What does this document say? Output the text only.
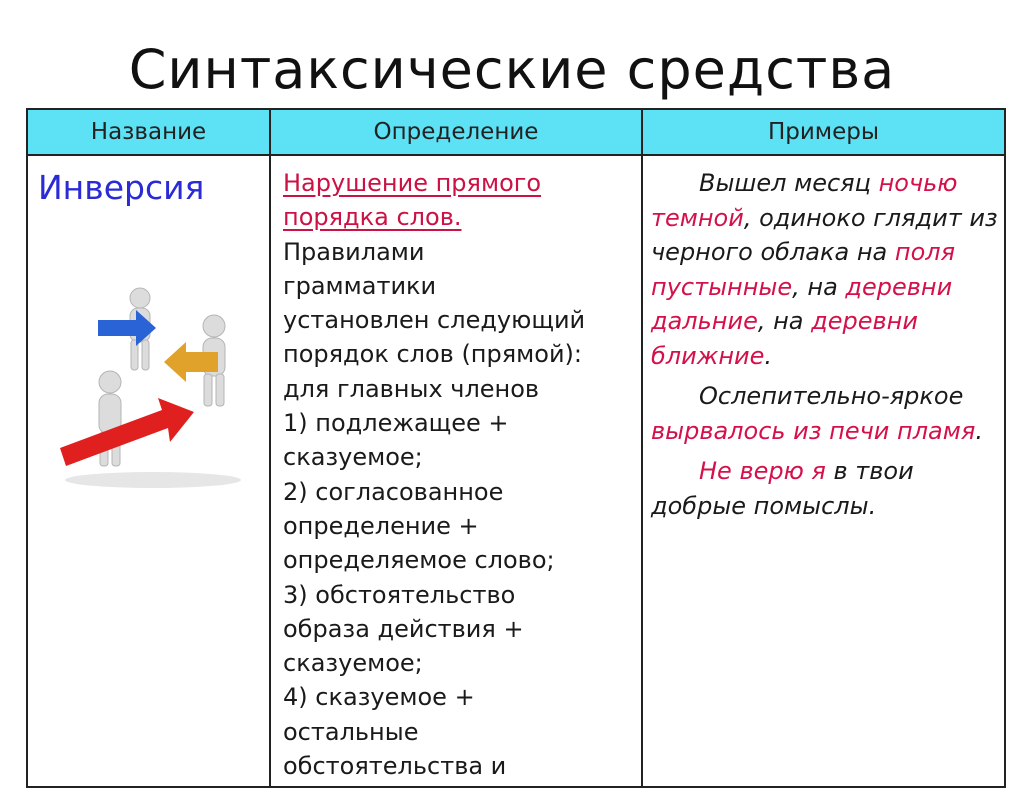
Синтаксические средства
Название
Инверсия
Определение
Нарушение прямого порядка слов.
Правилами
грамматики
установлен следующий
порядок слов (прямой):
для главных членов
1) подлежащее +
сказуемое;
2) согласованное
определение +
определяемое слово;
3) обстоятельство
образа действия +
сказуемое;
4) сказуемое +
остальные
обстоятельства и
Примеры

Вышел месяц ночью темной, одиноко глядит из черного облака на поля пустынные, на деревни дальние, на деревни ближние.

Ослепительно-яркое вырвалось из печи пламя.

Не верю я в твои добрые помыслы.
